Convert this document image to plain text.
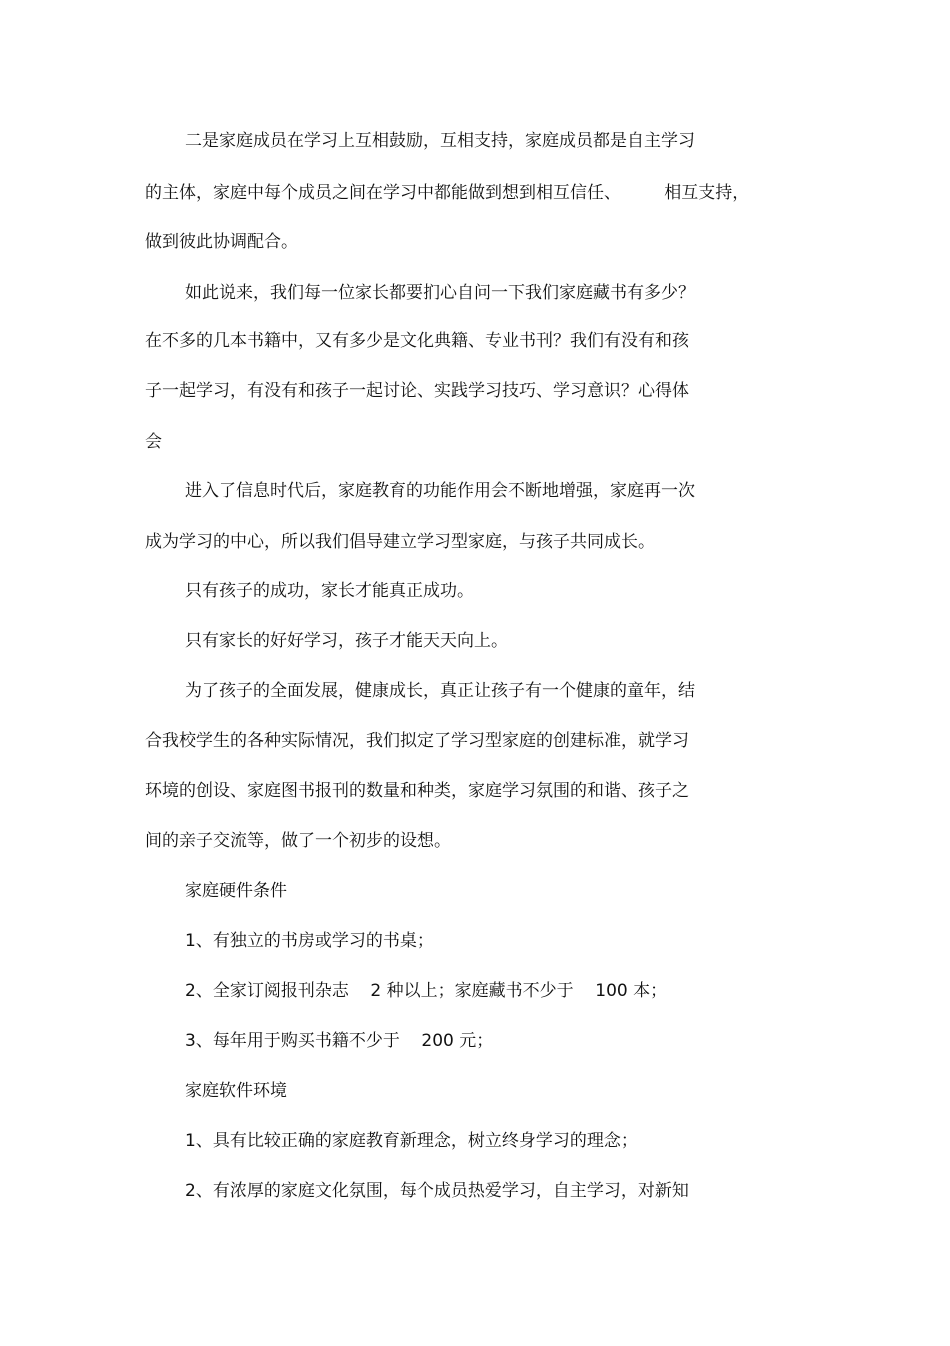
二是家庭成员在学习上互相鼓励，互相支持，家庭成员都是自主学习
的主体，家庭中每个成员之间在学习中都能做到想到相互信任、        相互支持，
做到彼此协调配合。
如此说来，我们每一位家长都要扪心自问一下我们家庭藏书有多少？
在不多的几本书籍中，又有多少是文化典籍、专业书刊？我们有没有和孩
子一起学习，有没有和孩子一起讨论、实践学习技巧、学习意识？心得体
会
进入了信息时代后，家庭教育的功能作用会不断地增强，家庭再一次
成为学习的中心，所以我们倡导建立学习型家庭，与孩子共同成长。
只有孩子的成功，家长才能真正成功。
只有家长的好好学习，孩子才能天天向上。
为了孩子的全面发展，健康成长，真正让孩子有一个健康的童年，结
合我校学生的各种实际情况，我们拟定了学习型家庭的创建标准，就学习
环境的创设、家庭图书报刊的数量和种类，家庭学习氛围的和谐、孩子之
间的亲子交流等，做了一个初步的设想。
家庭硬件条件
1、有独立的书房或学习的书桌；
2、全家订阅报刊杂志    2 种以上；家庭藏书不少于    100 本；
3、每年用于购买书籍不少于    200 元；
家庭软件环境
1、具有比较正确的家庭教育新理念，树立终身学习的理念；
2、有浓厚的家庭文化氛围，每个成员热爱学习，自主学习，对新知
